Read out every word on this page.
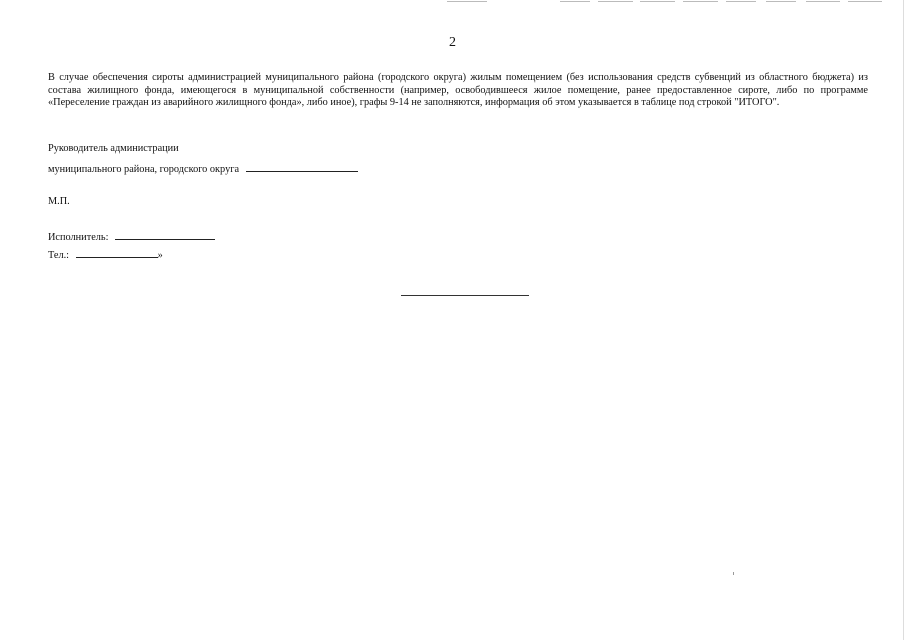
2
В случае обеспечения сироты администрацией муниципального района (городского округа) жилым помещением (без использования средств субвенций из областного бюджета) из состава жилищного фонда, имеющегося в муниципальной собственности (например, освободившееся жилое помещение, ранее предоставленное сироте, либо по программе «Переселение граждан из аварийного жилищного фонда», либо иное), графы 9-14 не заполняются, информация об этом указывается в таблице под строкой "ИТОГО".
Руководитель администрации
муниципального района, городского округа
М.П.
Исполнитель:
Тел.:	»
